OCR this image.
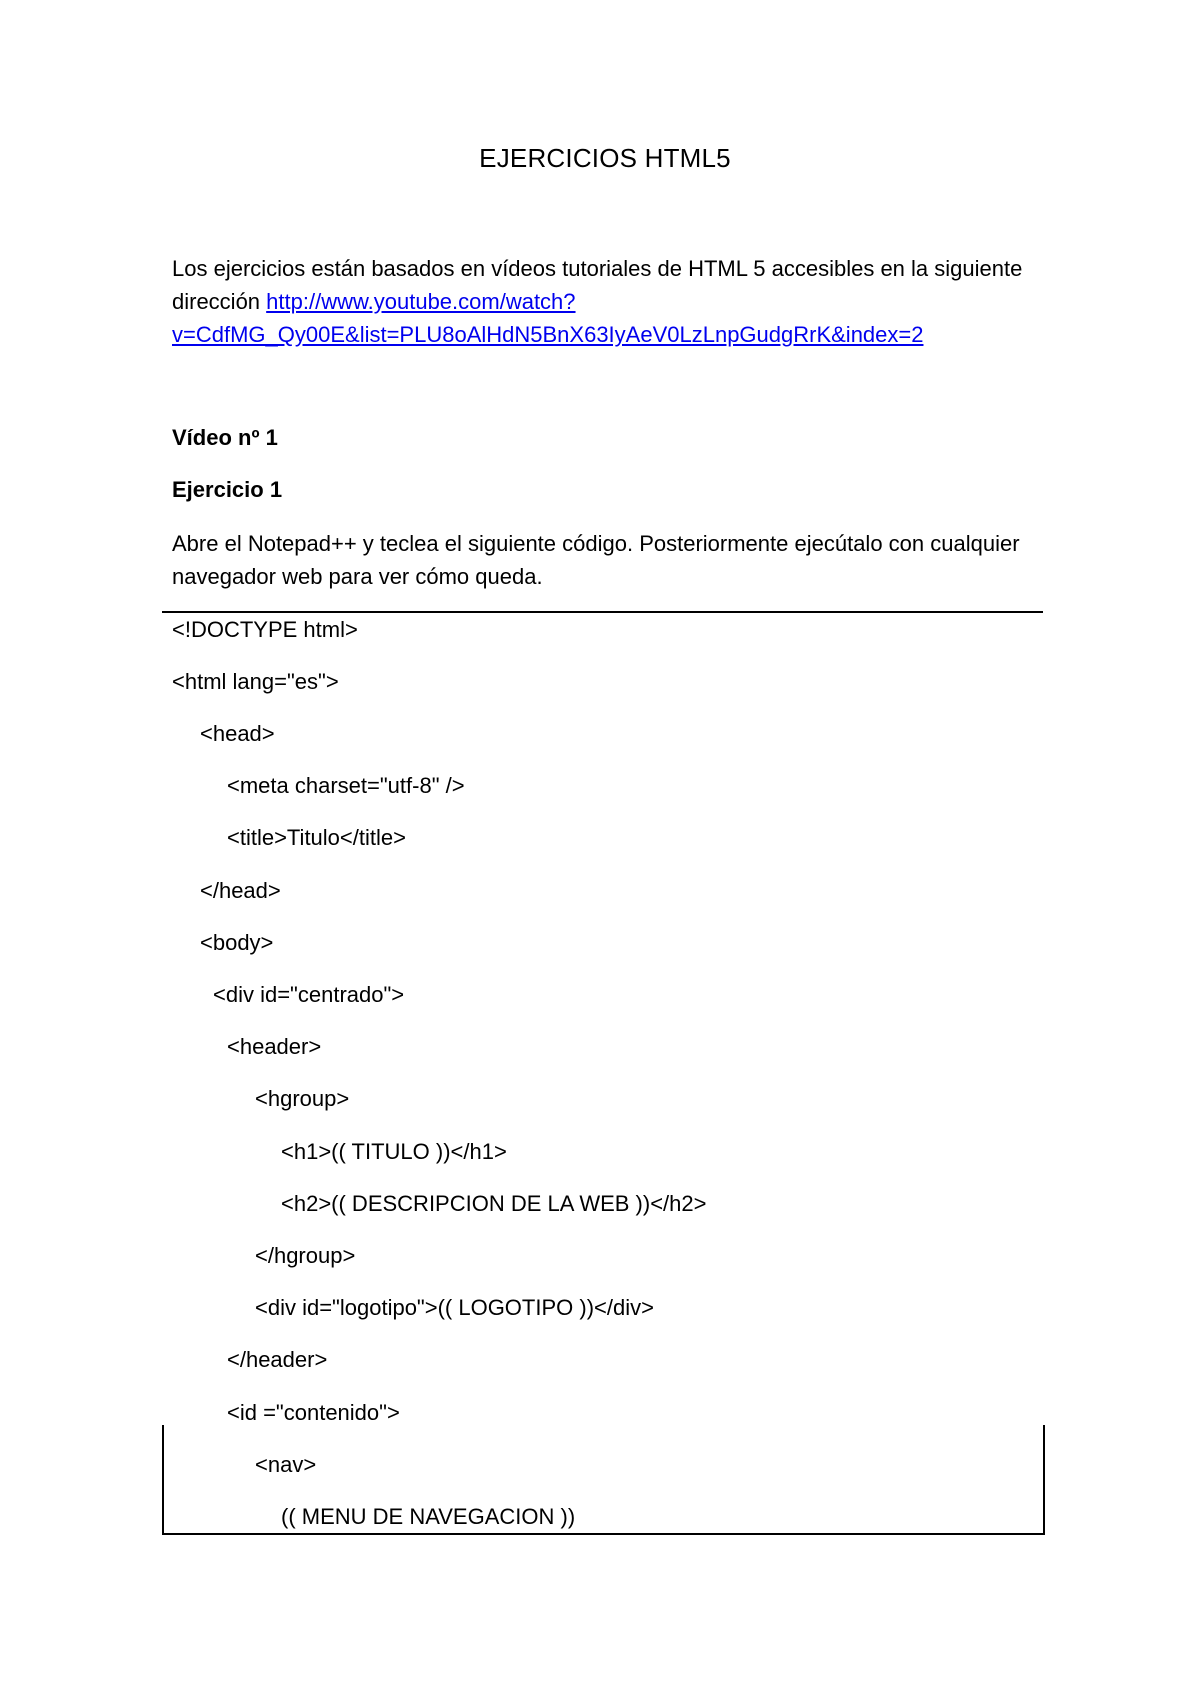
EJERCICIOS HTML5
Los ejercicios están basados en vídeos tutoriales de HTML 5 accesibles en la siguiente dirección http://www.youtube.com/watch?
v=CdfMG_Qy00E&list=PLU8oAlHdN5BnX63IyAeV0LzLnpGudgRrK&index=2
Vídeo nº 1
Ejercicio 1
Abre el Notepad++ y teclea el siguiente código. Posteriormente ejecútalo con cualquier navegador web para ver cómo queda.
<!DOCTYPE html>
<html lang="es">
<head>
<meta charset="utf-8" />
<title>Titulo</title>
</head>
<body>
<div id="centrado">
<header>
<hgroup>
<h1>(( TITULO ))</h1>
<h2>(( DESCRIPCION DE LA WEB ))</h2>
</hgroup>
<div id="logotipo">(( LOGOTIPO ))</div>
</header>
<id ="contenido">
<nav>
(( MENU DE NAVEGACION ))
